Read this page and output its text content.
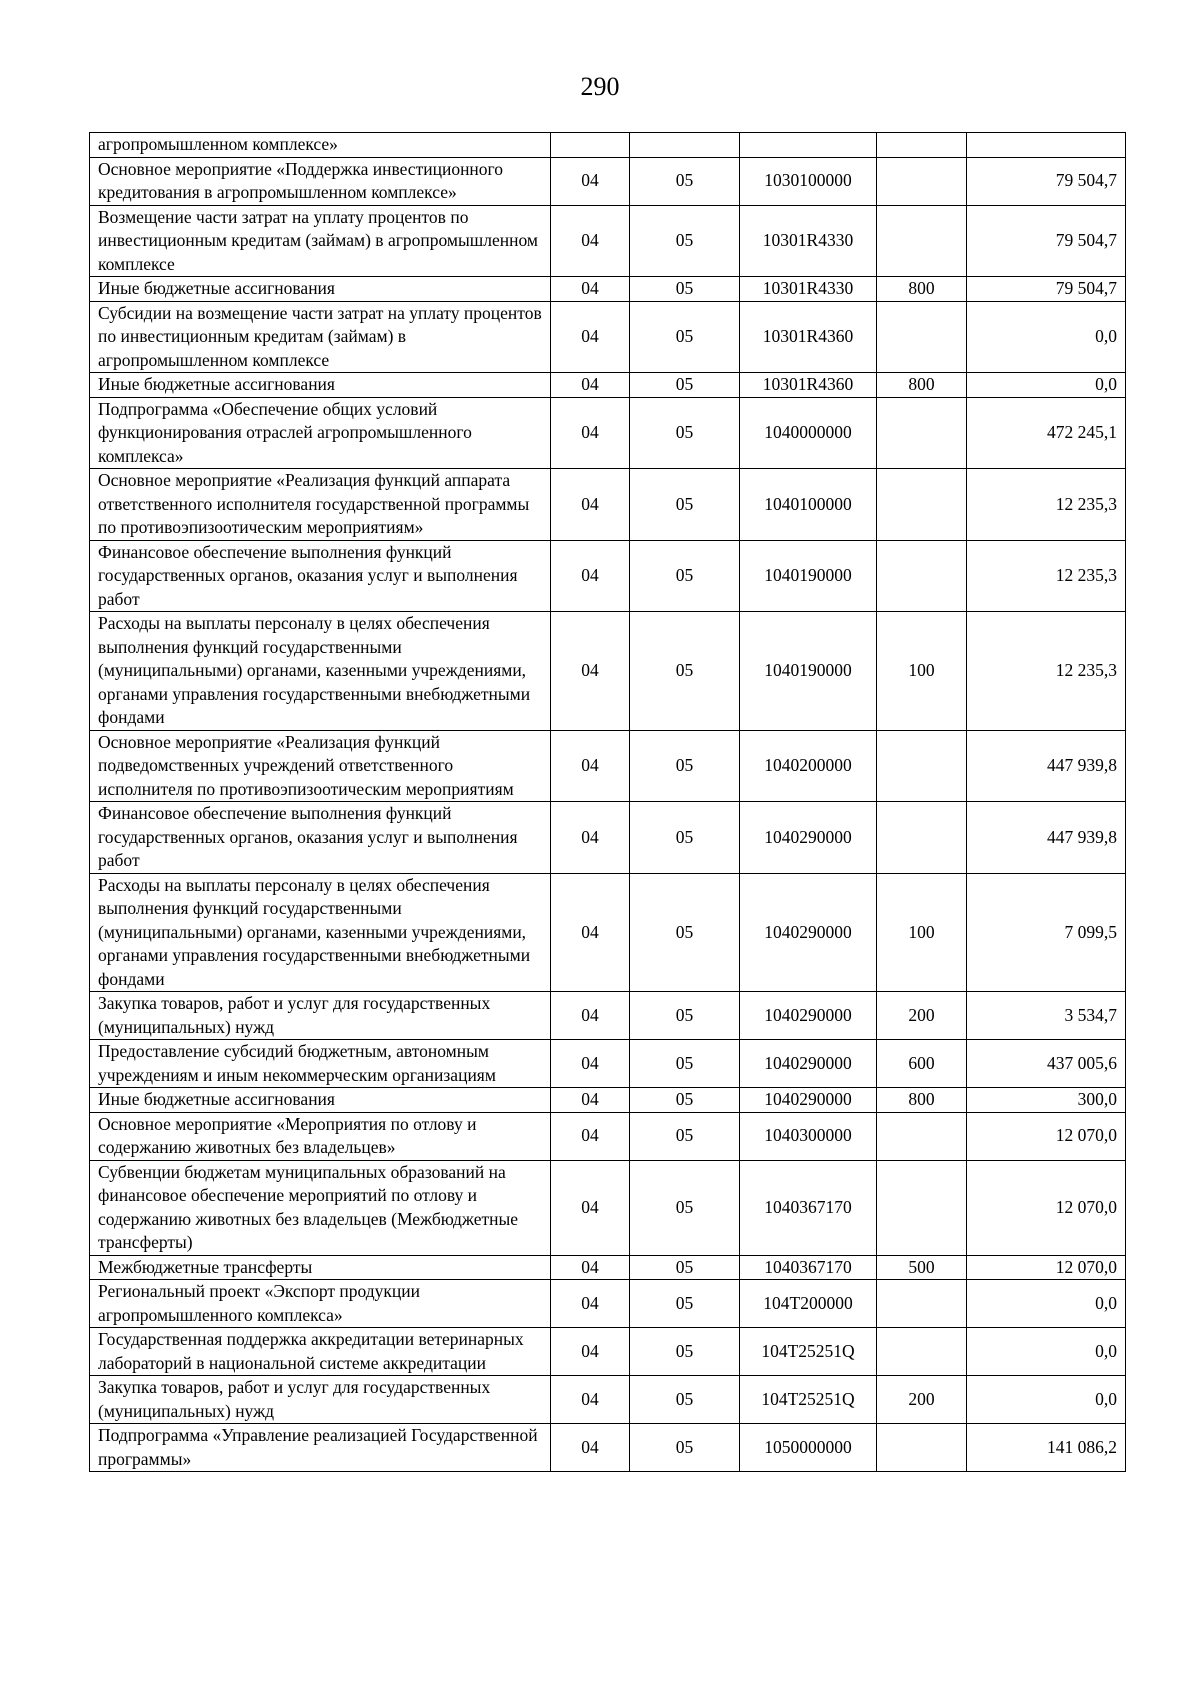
290
агропромышленном комплексе»					
Основное мероприятие «Поддержка инвестиционного кредитования в агропромышленном комплексе»	04	05	1030100000		79 504,7
Возмещение части затрат на уплату процентов по инвестиционным кредитам (займам) в агропромышленном комплексе	04	05	10301R4330		79 504,7
Иные бюджетные ассигнования	04	05	10301R4330	800	79 504,7
Субсидии на возмещение части затрат на уплату процентов по инвестиционным кредитам (займам) в агропромышленном комплексе	04	05	10301R4360		0,0
Иные бюджетные ассигнования	04	05	10301R4360	800	0,0
Подпрограмма «Обеспечение общих условий функционирования отраслей агропромышленного комплекса»	04	05	1040000000		472 245,1
Основное мероприятие «Реализация функций аппарата ответственного исполнителя государственной программы по противоэпизоотическим мероприятиям»	04	05	1040100000		12 235,3
Финансовое обеспечение выполнения функций государственных органов, оказания услуг и выполнения работ	04	05	1040190000		12 235,3
Расходы на выплаты персоналу в целях обеспечения выполнения функций государственными (муниципальными) органами, казенными учреждениями, органами управления государственными внебюджетными фондами	04	05	1040190000	100	12 235,3
Основное мероприятие «Реализация функций подведомственных учреждений ответственного исполнителя по противоэпизоотическим мероприятиям	04	05	1040200000		447 939,8
Финансовое обеспечение выполнения функций государственных органов, оказания услуг и выполнения работ	04	05	1040290000		447 939,8
Расходы на выплаты персоналу в целях обеспечения выполнения функций государственными (муниципальными) органами, казенными учреждениями, органами управления государственными внебюджетными фондами	04	05	1040290000	100	7 099,5
Закупка товаров, работ и услуг для государственных (муниципальных) нужд	04	05	1040290000	200	3 534,7
Предоставление субсидий бюджетным, автономным учреждениям и иным некоммерческим организациям	04	05	1040290000	600	437 005,6
Иные бюджетные ассигнования	04	05	1040290000	800	300,0
Основное мероприятие «Мероприятия по отлову и содержанию животных без владельцев»	04	05	1040300000		12 070,0
Субвенции бюджетам муниципальных образований на финансовое обеспечение мероприятий по отлову и содержанию животных без владельцев (Межбюджетные трансферты)	04	05	1040367170		12 070,0
Межбюджетные трансферты	04	05	1040367170	500	12 070,0
Региональный проект «Экспорт продукции агропромышленного комплекса»	04	05	104T200000		0,0
Государственная поддержка аккредитации ветеринарных лабораторий в национальной системе аккредитации	04	05	104T25251Q		0,0
Закупка товаров, работ и услуг для государственных (муниципальных) нужд	04	05	104T25251Q	200	0,0
Подпрограмма «Управление реализацией Государственной программы»	04	05	1050000000		141 086,2
